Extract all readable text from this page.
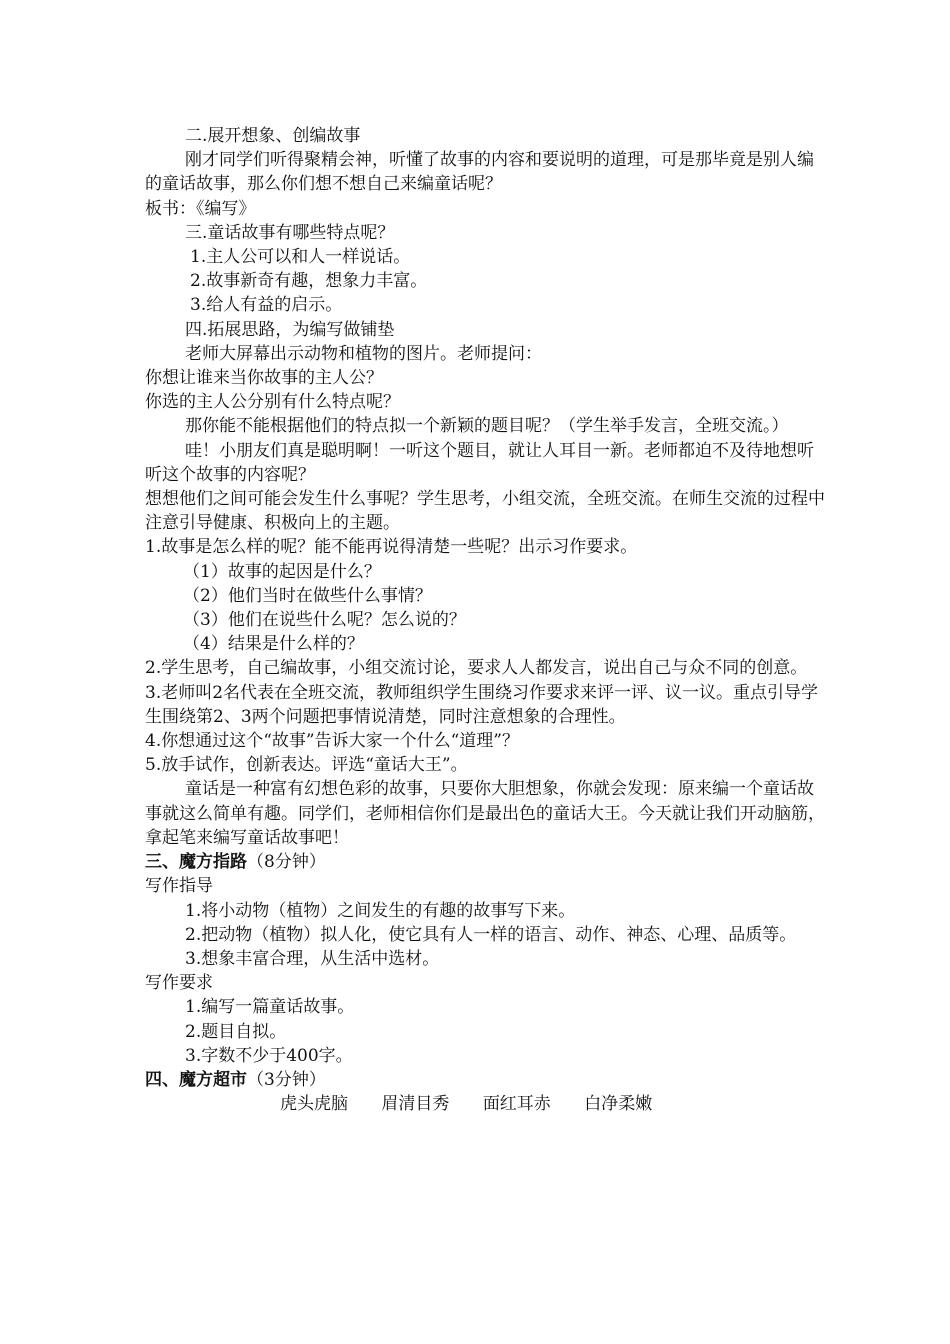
二.展开想象、创编故事

刚才同学们听得聚精会神，听懂了故事的内容和要说明的道理，可是那毕竟是别人编的童话故事，那么你们想不想自己来编童话呢？

板书：《编写》

三.童话故事有哪些特点呢？

1.主人公可以和人一样说话。

2.故事新奇有趣，想象力丰富。

3.给人有益的启示。

四.拓展思路，为编写做铺垫

老师大屏幕出示动物和植物的图片。老师提问：

你想让谁来当你故事的主人公？

你选的主人公分别有什么特点呢？

那你能不能根据他们的特点拟一个新颖的题目呢？（学生举手发言，全班交流。）

哇！小朋友们真是聪明啊！一听这个题目，就让人耳目一新。老师都迫不及待地想听听这个故事的内容呢？

想想他们之间可能会发生什么事呢？学生思考，小组交流，全班交流。在师生交流的过程中注意引导健康、积极向上的主题。

1.故事是怎么样的呢？能不能再说得清楚一些呢？出示习作要求。

（1）故事的起因是什么？

（2）他们当时在做些什么事情？

（3）他们在说些什么呢？怎么说的？

（4）结果是什么样的？

2.学生思考，自己编故事，小组交流讨论，要求人人都发言，说出自己与众不同的创意。

3.老师叫2名代表在全班交流，教师组织学生围绕习作要求来评一评、议一议。重点引导学生围绕第2、3两个问题把事情说清楚，同时注意想象的合理性。

4.你想通过这个“故事”告诉大家一个什么“道理”？

5.放手试作，创新表达。评选“童话大王”。

童话是一种富有幻想色彩的故事，只要你大胆想象，你就会发现：原来编一个童话故事就这么简单有趣。同学们，老师相信你们是最出色的童话大王。今天就让我们开动脑筋，拿起笔来编写童话故事吧！

三、魔方指路（8分钟）

写作指导

1.将小动物（植物）之间发生的有趣的故事写下来。

2.把动物（植物）拟人化，使它具有人一样的语言、动作、神态、心理、品质等。

3.想象丰富合理，从生活中选材。

写作要求

1.编写一篇童话故事。

2.题目自拟。

3.字数不少于400字。

四、魔方超市（3分钟）

虎头虎脑 眉清目秀 面红耳赤 白净柔嫩
